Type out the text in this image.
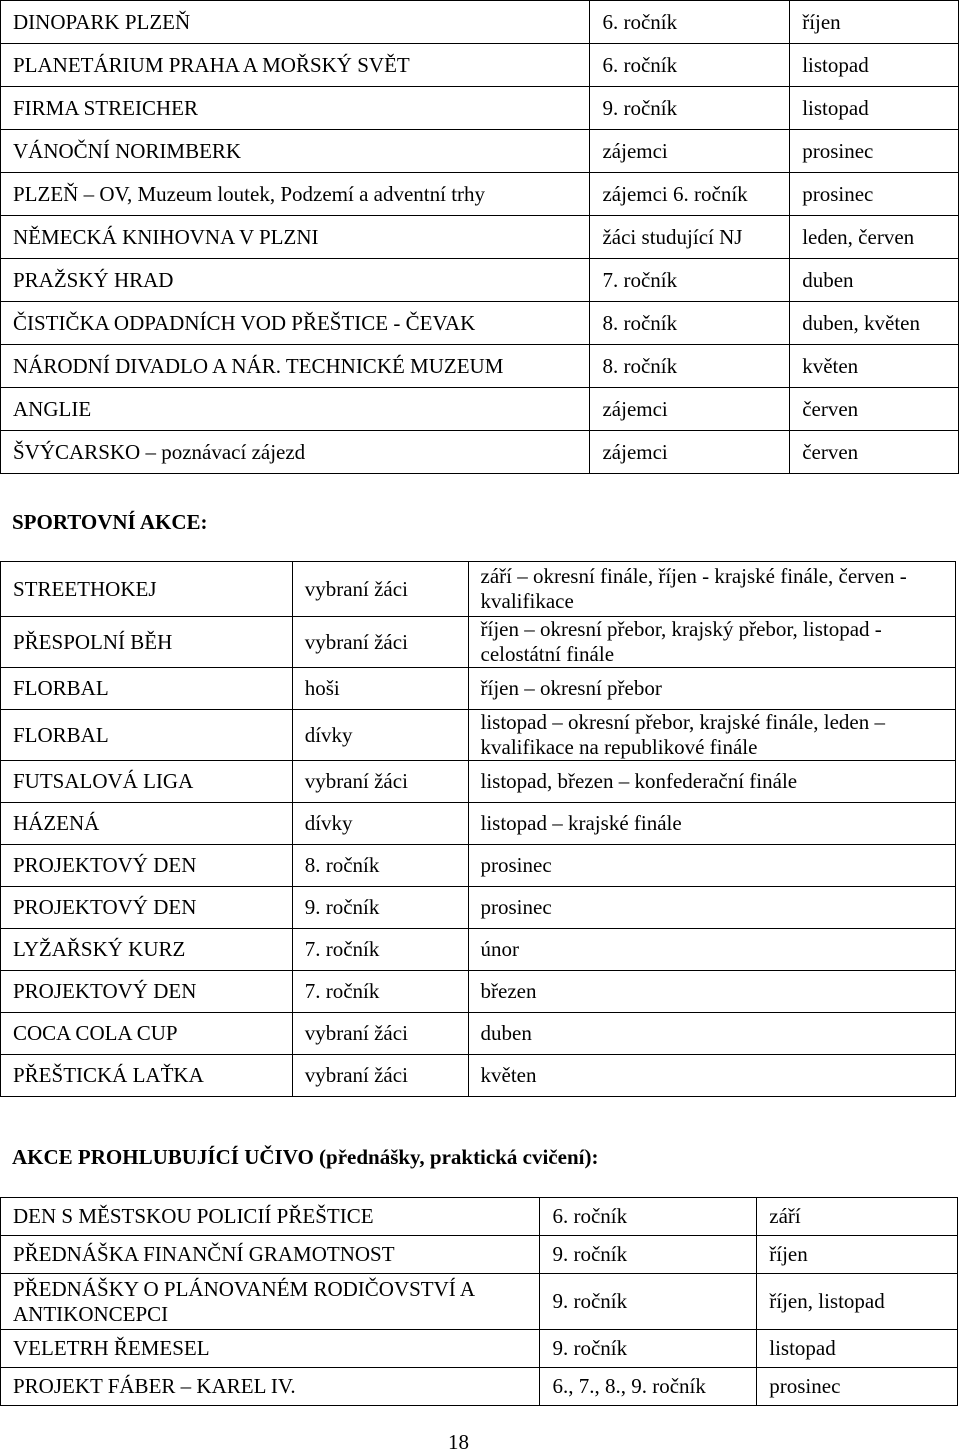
DINOPARK PLZEŇ	6. ročník	říjen
PLANETÁRIUM PRAHA A MOŘSKÝ SVĚT	6. ročník	listopad
FIRMA STREICHER	9. ročník	listopad
VÁNOČNÍ NORIMBERK	zájemci	prosinec
PLZEŇ – OV, Muzeum loutek, Podzemí a adventní trhy	zájemci 6. ročník	prosinec
NĚMECKÁ KNIHOVNA V PLZNI	žáci studující NJ	leden, červen
PRAŽSKÝ HRAD	7. ročník	duben
ČISTIČKA ODPADNÍCH VOD PŘEŠTICE - ČEVAK	8. ročník	duben, květen
NÁRODNÍ DIVADLO A NÁR. TECHNICKÉ MUZEUM	8. ročník	květen
ANGLIE	zájemci	červen
ŠVÝCARSKO – poznávací zájezd	zájemci	červen
SPORTOVNÍ AKCE:
STREETHOKEJ	vybraní žáci	září – okresní finále, říjen - krajské finále, červen - kvalifikace
PŘESPOLNÍ BĚH	vybraní žáci	říjen – okresní přebor, krajský přebor, listopad - celostátní finále
FLORBAL	hoši	říjen – okresní přebor
FLORBAL	dívky	listopad – okresní přebor, krajské finále, leden – kvalifikace na republikové finále
FUTSALOVÁ LIGA	vybraní žáci	listopad, březen – konfederační finále
HÁZENÁ	dívky	listopad – krajské finále
PROJEKTOVÝ DEN	8. ročník	prosinec
PROJEKTOVÝ DEN	9. ročník	prosinec
LYŽAŘSKÝ KURZ	7. ročník	únor
PROJEKTOVÝ DEN	7. ročník	březen
COCA COLA CUP	vybraní žáci	duben
PŘEŠTICKÁ LAŤKA	vybraní žáci	květen
AKCE PROHLUBUJÍCÍ UČIVO (přednášky, praktická cvičení):
DEN S MĚSTSKOU POLICIÍ PŘEŠTICE	6. ročník	září
PŘEDNÁŠKA FINANČNÍ GRAMOTNOST	9. ročník	říjen
PŘEDNÁŠKY O PLÁNOVANÉM RODIČOVSTVÍ A ANTIKONCEPCI	9. ročník	říjen, listopad
VELETRH ŘEMESEL	9. ročník	listopad
PROJEKT FÁBER – KAREL IV.	6., 7., 8., 9. ročník	prosinec
18
